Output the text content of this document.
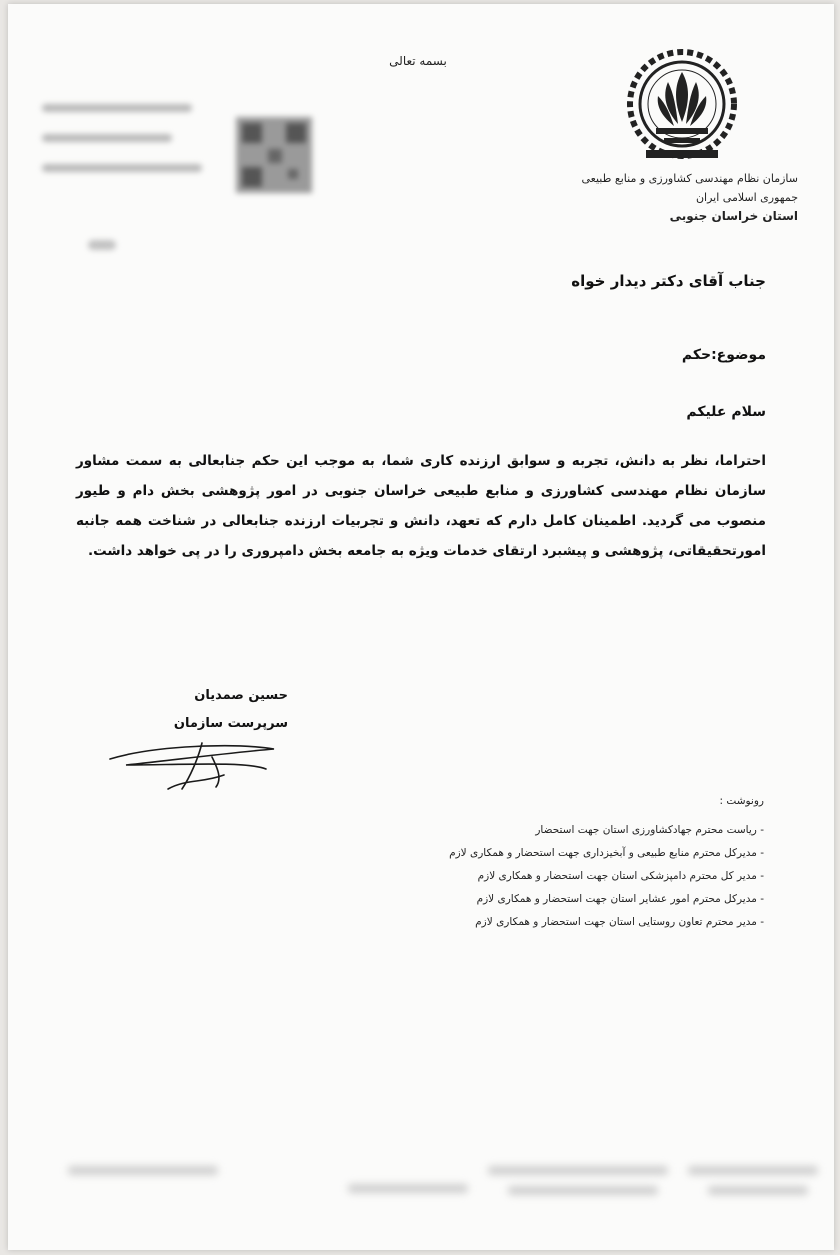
بسمه تعالی
سازمان نظام مهندسی کشاورزی و منابع طبیعی
جمهوری اسلامی ایران
استان خراسان جنوبی
جناب آقای دکتر دیدار خواه
موضوع:حکم
سلام علیکم
احتراما، نظر به دانش، تجربه و سوابق ارزنده کاری شما، به موجب این حکم جنابعالی به سمت مشاور سازمان نظام مهندسی کشاورزی و منابع طبیعی خراسان جنوبی در امور پژوهشی بخش دام و طیور منصوب می گردید. اطمینان کامل دارم که تعهد، دانش و تجربیات ارزنده جنابعالی در شناخت همه جانبه امورتحقیقاتی، پژوهشی و پیشبرد ارتقای خدمات ویژه به جامعه بخش دامپروری را در پی خواهد داشت.
حسین صمدیان
سرپرست سازمان
رونوشت :
- ریاست محترم جهادکشاورزی استان جهت استحضار
- مدیرکل محترم منابع طبیعی و آبخیزداری جهت استحضار و همکاری لازم
- مدیر کل محترم دامپزشکی استان جهت استحضار و همکاری لازم
- مدیرکل محترم امور عشایر استان جهت استحضار و همکاری لازم
- مدیر محترم تعاون روستایی استان جهت استحضار و همکاری لازم
